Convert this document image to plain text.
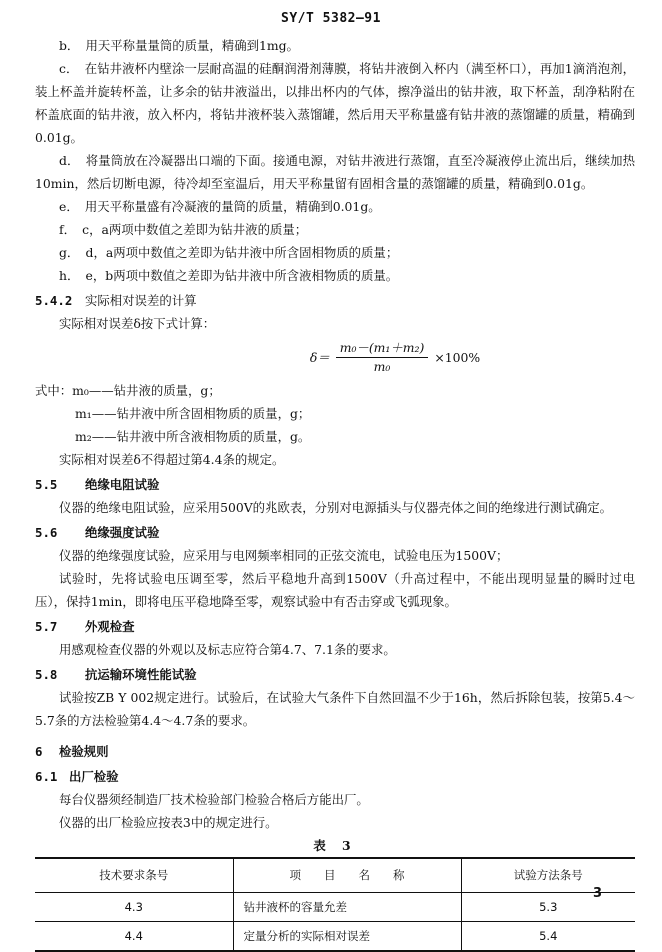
SY/T 5382—91

b．　用天平称量量筒的质量，精确到1mg。

c．　在钻井液杯内壁涂一层耐高温的硅酮润滑剂薄膜，将钻井液倒入杯内（满至杯口），再加1滴消泡剂，装上杯盖并旋转杯盖，让多余的钻井液溢出，以排出杯内的气体，擦净溢出的钻井液，取下杯盖，刮净粘附在杯盖底面的钻井液，放入杯内，将钻井液杯装入蒸馏罐，然后用天平称量盛有钻井液的蒸馏罐的质量，精确到0.01g。

d．　将量筒放在冷凝器出口端的下面。接通电源，对钻井液进行蒸馏，直至冷凝液停止流出后，继续加热10min，然后切断电源，待冷却至室温后，用天平称量留有固相含量的蒸馏罐的质量，精确到0.01g。

e．　用天平称量盛有冷凝液的量筒的质量，精确到0.01g。

f．　c，a两项中数值之差即为钻井液的质量；

g．　d，a两项中数值之差即为钻井液中所含固相物质的质量；

h．　e，b两项中数值之差即为钻井液中所含液相物质的质量。

5.4.2	实际相对误差的计算

实际相对误差δ按下式计算：

$\delta= \frac{\text{m₀－(m₁＋m₂)}}{\text{m₀}} \times 100\%$

式中：m₀——钻井液的质量，g；

m₁——钻井液中所含固相物质的质量，g；

m₂——钻井液中所含液相物质的质量，g。

实际相对误差δ不得超过第4.4条的规定。

5.5	绝缘电阻试验

仪器的绝缘电阻试验，应采用500V的兆欧表，分别对电源插头与仪器壳体之间的绝缘进行测试确定。

5.6	绝缘强度试验

仪器的绝缘强度试验，应采用与电网频率相同的正弦交流电，试验电压为1500V；

试验时，先将试验电压调至零，然后平稳地升高到1500V（升高过程中，不能出现明显量的瞬时过电压），保持1min，即将电压平稳地降至零，观察试验中有否击穿或飞弧现象。

5.7	外观检查

用感观检查仪器的外观以及标志应符合第4.7、7.1条的要求。

5.8	抗运输环境性能试验

试验按ZB Y 002规定进行。试验后，在试验大气条件下自然回温不少于16h，然后拆除包装，按第5.4～5.7条的方法检验第4.4～4.7条的要求。

6	检验规则
6.1 出厂检验

每台仪器须经制造厂技术检验部门检验合格后方能出厂。

仪器的出厂检验应按表3中的规定进行。

表 3
技术要求条号	项　　目　　名　　称	试验方法条号
4.3	钻井液杯的容量允差	5.3
4.4	定量分析的实际相对误差	5.4
3
